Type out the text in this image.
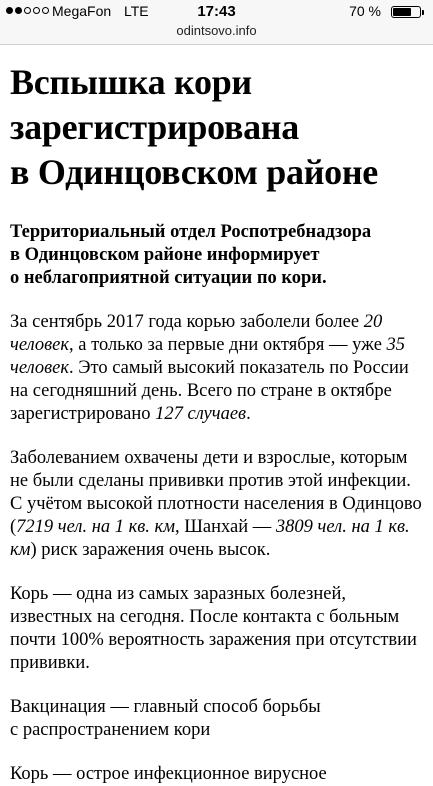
MegaFon LTE	17:43	70 %
odintsovo.info
Вспышка кори
зарегистрирована
в Одинцовском районе

Территориальный отдел Роспотребнадзора
в Одинцовском районе информирует
о неблагоприятной ситуации по кори.

За сентябрь 2017 года корью заболели более 20 человек, а только за первые дни октября — уже 35 человек. Это самый высокий показатель по России на сегодняшний день. Всего по стране в октябре зарегистрировано 127 случаев.

Заболеванием охвачены дети и взрослые, которым не были сделаны прививки против этой инфекции. С учётом высокой плотности населения в Одинцово (7219 чел. на 1 кв. км, Шанхай — 3809 чел. на 1 кв. км) риск заражения очень высок.

Корь — одна из самых заразных болезней, известных на сегодня. После контакта с больным почти 100% вероятность заражения при отсутствии прививки.

Вакцинация — главный способ борьбы
с распространением кори

Корь — острое инфекционное вирусное
